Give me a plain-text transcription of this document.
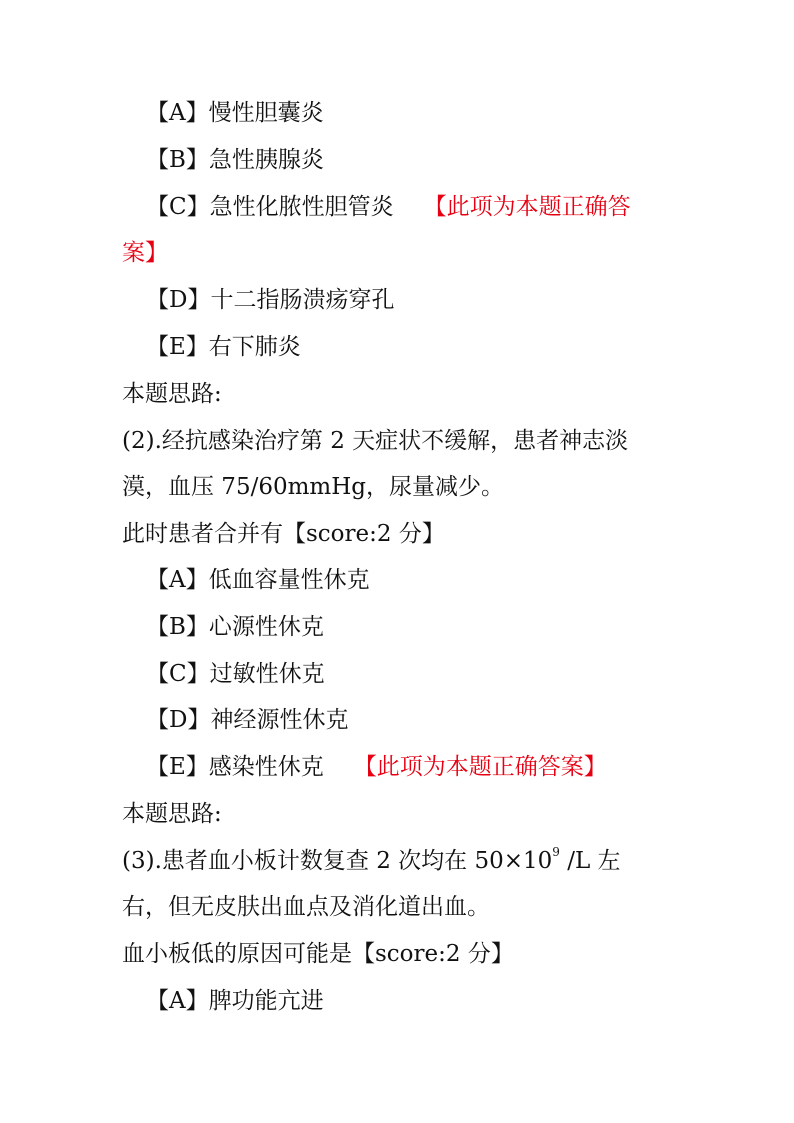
【A】慢性胆囊炎
【B】急性胰腺炎
【C】急性化脓性胆管炎 【此项为本题正确答
案】
【D】十二指肠溃疡穿孔
【E】右下肺炎
本题思路:
(2).经抗感染治疗第 2 天症状不缓解，患者神志淡
漠，血压 75/60mmHg，尿量减少。
此时患者合并有【score:2 分】
【A】低血容量性休克
【B】心源性休克
【C】过敏性休克
【D】神经源性休克
【E】感染性休克 【此项为本题正确答案】
本题思路:
(3).患者血小板计数复查 2 次均在 $50\times 10^9$ /L 左
右，但无皮肤出血点及消化道出血。
血小板低的原因可能是【score:2 分】
【A】脾功能亢进
